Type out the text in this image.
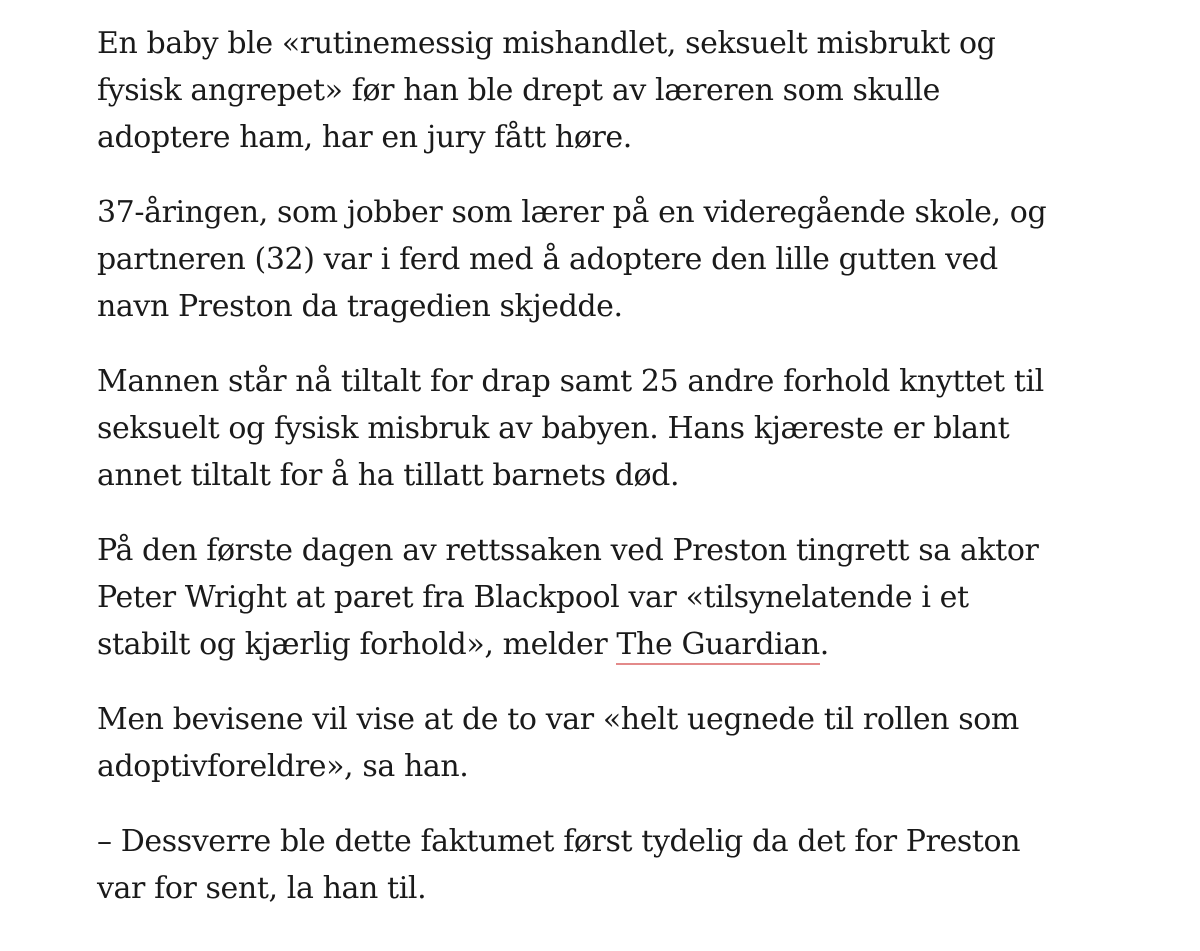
En baby ble «rutinemessig mishandlet, seksuelt misbrukt og
fysisk angrepet» før han ble drept av læreren som skulle
adoptere ham, har en jury fått høre.

37-åringen, som jobber som lærer på en videregående skole, og
partneren (32) var i ferd med å adoptere den lille gutten ved
navn Preston da tragedien skjedde.

Mannen står nå tiltalt for drap samt 25 andre forhold knyttet til
seksuelt og fysisk misbruk av babyen. Hans kjæreste er blant
annet tiltalt for å ha tillatt barnets død.

På den første dagen av rettssaken ved Preston tingrett sa aktor
Peter Wright at paret fra Blackpool var «tilsynelatende i et
stabilt og kjærlig forhold», melder The Guardian.

Men bevisene vil vise at de to var «helt uegnede til rollen som
adoptivforeldre», sa han.

– Dessverre ble dette faktumet først tydelig da det for Preston
var for sent, la han til.
